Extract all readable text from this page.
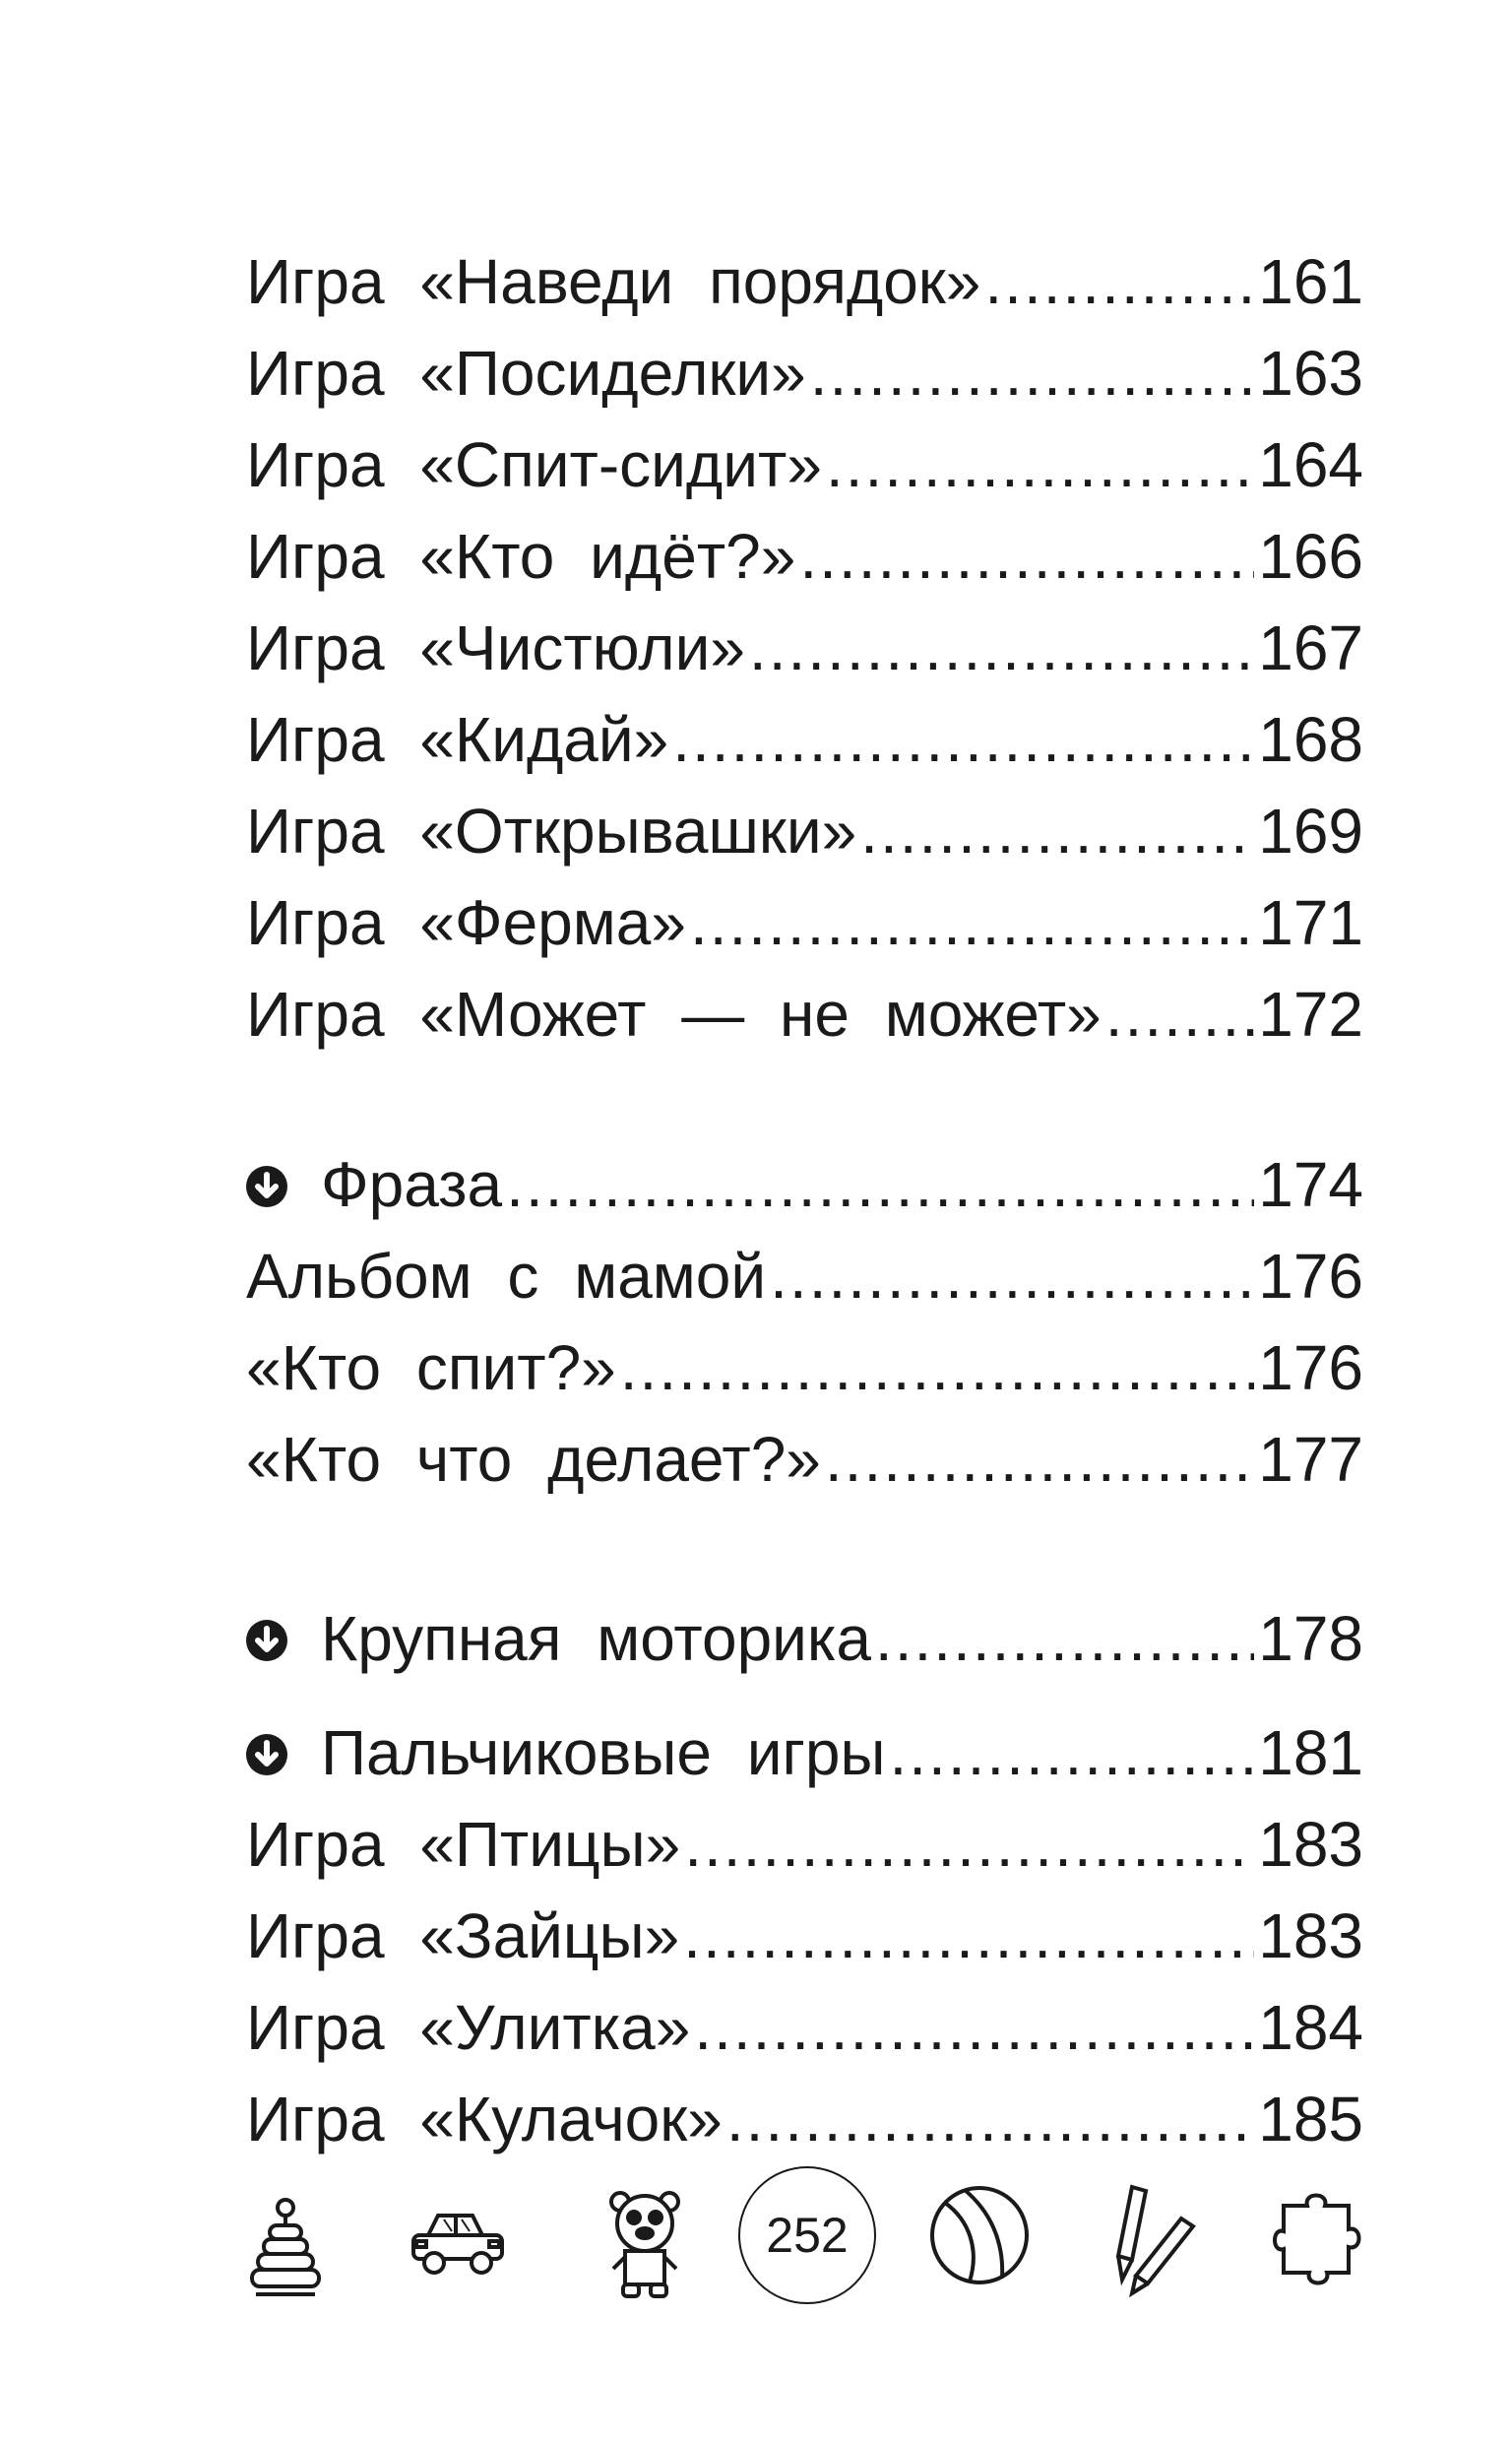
Игра «Наведи порядок» .....	161
Игра «Посиделки» .....	163
Игра «Спит-сидит» .....	164
Игра «Кто идёт?» .....	166
Игра «Чистюли» .....	167
Игра «Кидай» .....	168
Игра «Открывашки» .....	169
Игра «Ферма» .....	171
Игра «Может — не может» ..... 172
Фраза .....	174
Альбом с мамой .....	176
«Кто спит?» .....	176
«Кто что делает?» .....	177
Крупная моторика .....	178
Пальчиковые игры .....	181
Игра «Птицы» .....	183
Игра «Зайцы» .....	183
Игра «Улитка» .....	184
Игра «Кулачок» .....	185
252
